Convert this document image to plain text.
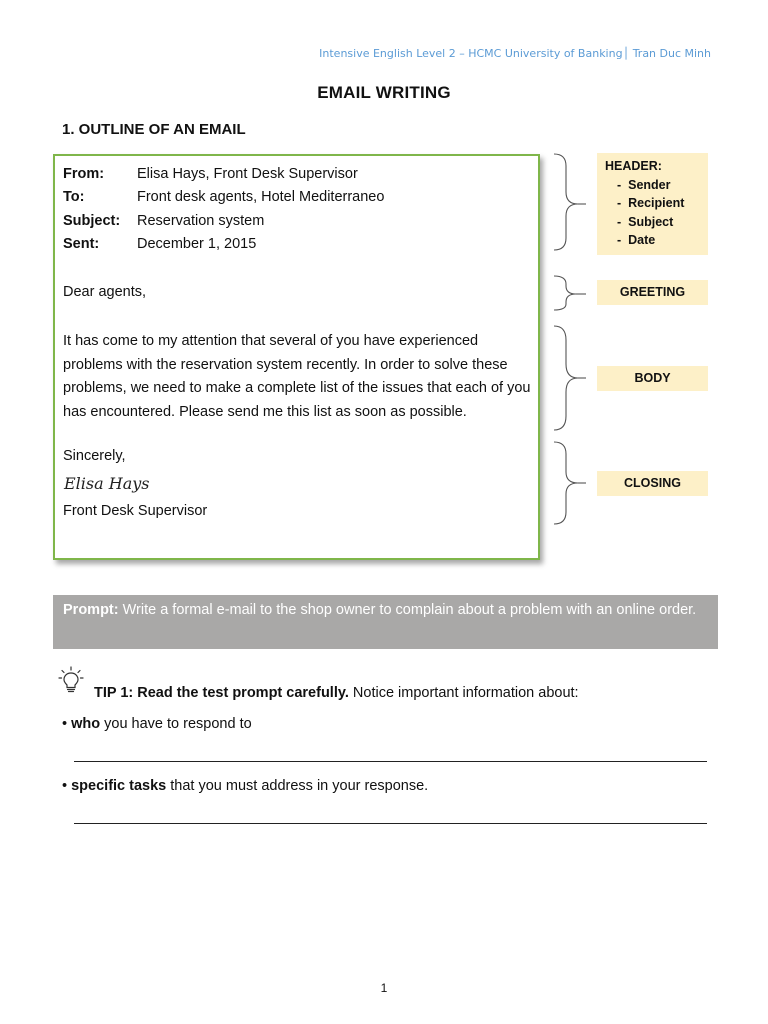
Intensive English Level 2 – HCMC University of Banking│ Tran Duc Minh
EMAIL WRITING
1. OUTLINE OF AN EMAIL
From: Elisa Hays, Front Desk Supervisor
To:	Front desk agents, Hotel Mediterraneo
Subject: Reservation system
Sent:	December 1, 2015
Dear agents,
It has come to my attention that several of you have experienced problems with the reservation system recently. In order to solve these problems, we need to make a complete list of the issues that each of you has encountered. Please send me this list as soon as possible.
Sincerely,
Elisa Hays
Front Desk Supervisor
HEADER:
- Sender
- Recipient
- Subject
- Date
GREETING
BODY
CLOSING
Prompt: Write a formal e-mail to the shop owner to complain about a problem with an online order.
TIP 1: Read the test prompt carefully. Notice important information about:
• who you have to respond to
• specific tasks that you must address in your response.
1
